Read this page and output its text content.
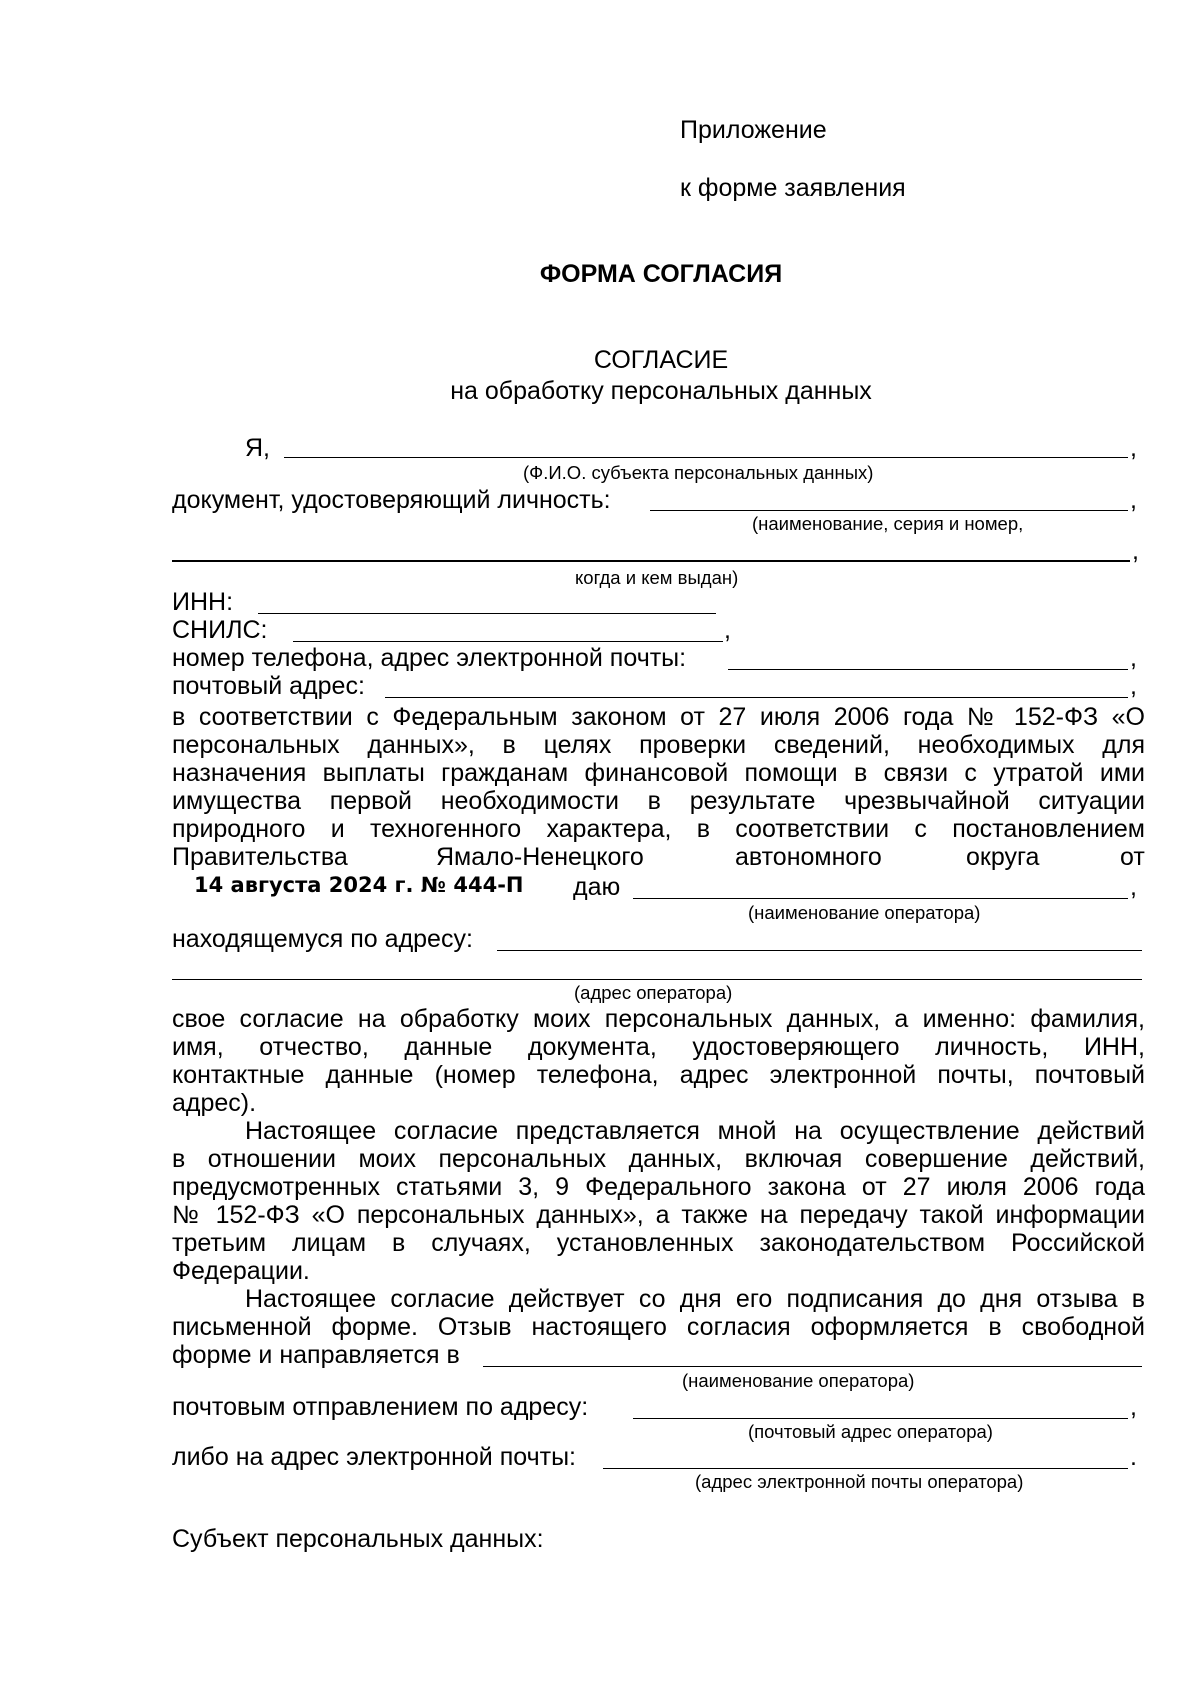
Приложение
к форме заявления
ФОРМА СОГЛАСИЯ
СОГЛАСИЕ
на обработку персональных данных
Я,	,
(Ф.И.О. субъекта персональных данных)
документ, удостоверяющий личность:	,
(наименование, серия и номер,
,
когда и кем выдан)
ИНН:
СНИЛС:	,
номер телефона, адрес электронной почты:	,
почтовый адрес:	,
в соответствии с Федеральным законом от 27 июля 2006 года № 152-ФЗ «О
персональных данных», в целях проверки сведений, необходимых для
назначения выплаты гражданам финансовой помощи в связи с утратой ими
имущества первой необходимости в результате чрезвычайной ситуации
природного и техногенного характера, в соответствии с постановлением
Правительства	Ямало-Ненецкого	автономного	округа	от
14 августа 2024 г. № 444-П даю	,
(наименование оператора)
находящемуся по адресу:
(адрес оператора)
свое согласие на обработку моих персональных данных, а именно: фамилия,
имя, отчество, данные документа, удостоверяющего личность, ИНН,
контактные данные (номер телефона, адрес электронной почты, почтовый
адрес).
Настоящее согласие представляется мной на осуществление действий
в отношении моих персональных данных, включая совершение действий,
предусмотренных статьями 3, 9 Федерального закона от 27 июля 2006 года
№ 152-ФЗ «О персональных данных», а также на передачу такой информации
третьим лицам в случаях, установленных законодательством Российской
Федерации.
Настоящее согласие действует со дня его подписания до дня отзыва в
письменной форме. Отзыв настоящего согласия оформляется в свободной
форме и направляется в
(наименование оператора)
почтовым отправлением по адресу:	,
(почтовый адрес оператора)
либо на адрес электронной почты:	.
(адрес электронной почты оператора)
Субъект персональных данных:
